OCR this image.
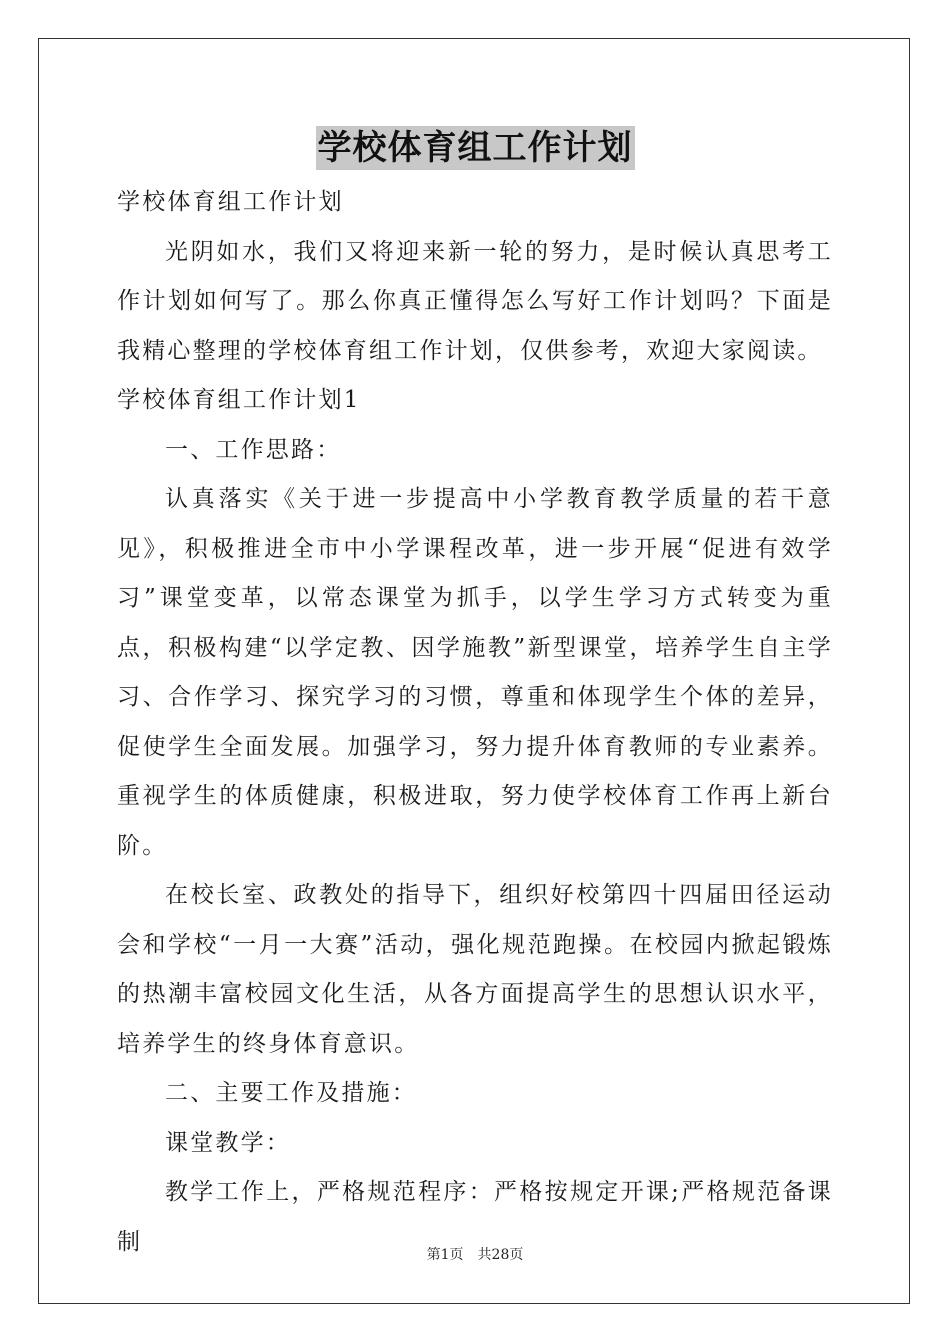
学校体育组工作计划

学校体育组工作计划

光阴如水，我们又将迎来新一轮的努力，是时候认真思考工作计划如何写了。那么你真正懂得怎么写好工作计划吗？下面是我精心整理的学校体育组工作计划，仅供参考，欢迎大家阅读。

学校体育组工作计划1

一、工作思路：

认真落实《关于进一步提高中小学教育教学质量的若干意见》，积极推进全市中小学课程改革，进一步开展“促进有效学习”课堂变革，以常态课堂为抓手，以学生学习方式转变为重点，积极构建“以学定教、因学施教”新型课堂，培养学生自主学习、合作学习、探究学习的习惯，尊重和体现学生个体的差异，促使学生全面发展。加强学习，努力提升体育教师的专业素养。重视学生的体质健康，积极进取，努力使学校体育工作再上新台阶。

在校长室、政教处的指导下，组织好校第四十四届田径运动会和学校“一月一大赛”活动，强化规范跑操。在校园内掀起锻炼的热潮丰富校园文化生活，从各方面提高学生的思想认识水平，培养学生的终身体育意识。

二、主要工作及措施：

课堂教学：

教学工作上，严格规范程序：严格按规定开课;严格规范备课制

第1页　共28页
